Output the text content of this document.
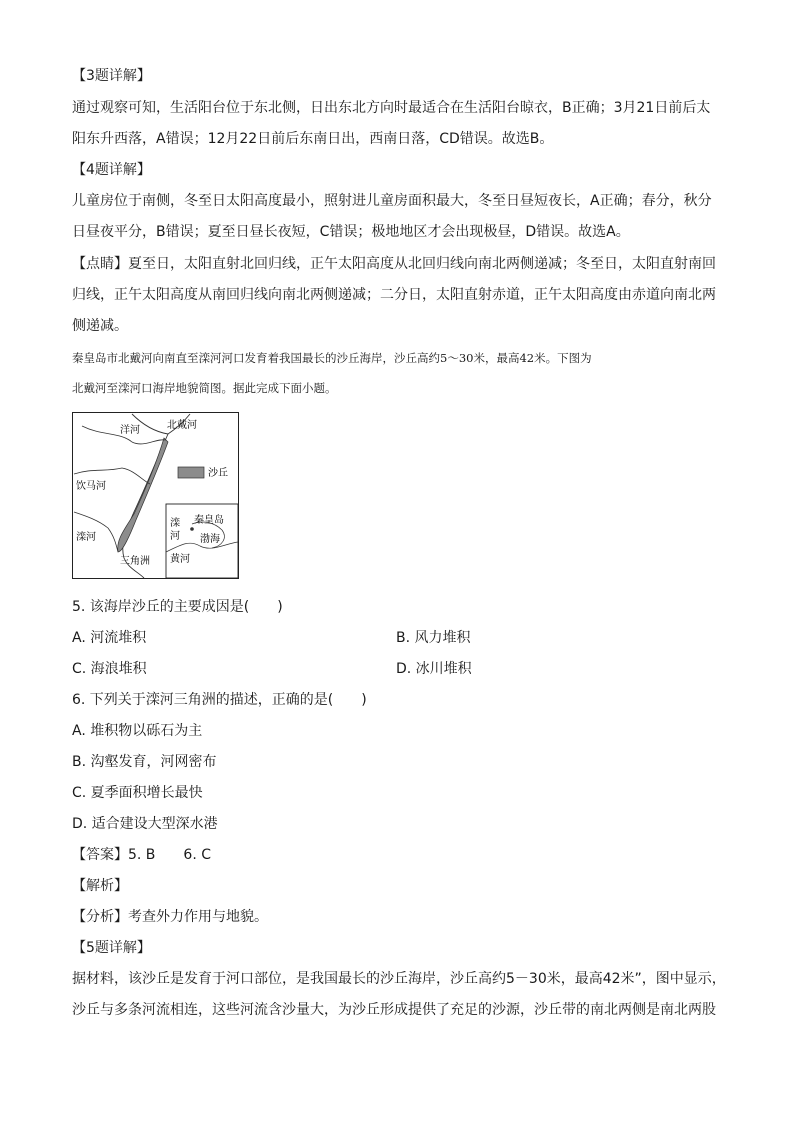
【3题详解】
通过观察可知，生活阳台位于东北侧，日出东北方向时最适合在生活阳台晾衣，B正确；3月21日前后太
阳东升西落，A错误；12月22日前后东南日出，西南日落，CD错误。故选B。
【4题详解】
儿童房位于南侧，冬至日太阳高度最小，照射进儿童房面积最大，冬至日昼短夜长，A正确；春分，秋分
日昼夜平分，B错误；夏至日昼长夜短，C错误；极地地区才会出现极昼，D错误。故选A。
【点睛】夏至日，太阳直射北回归线，正午太阳高度从北回归线向南北两侧递减；冬至日，太阳直射南回
归线，正午太阳高度从南回归线向南北两侧递减；二分日，太阳直射赤道，正午太阳高度由赤道向南北两
侧递减。
秦皇岛市北戴河向南直至滦河河口发育着我国最长的沙丘海岸，沙丘高约5～30米，最高42米。下图为
北戴河至滦河口海岸地貌简图。据此完成下面小题。
沙丘
洋河	北戴河
饮马河
滦河
三角洲
滦
河
秦皇岛
渤海
黄河
5. 该海岸沙丘的主要成因是(　　)
A. 河流堆积	B. 风力堆积
C. 海浪堆积	D. 冰川堆积
6. 下列关于滦河三角洲的描述，正确的是(　　)
A. 堆积物以砾石为主
B. 沟壑发育，河网密布
C. 夏季面积增长最快
D. 适合建设大型深水港
【答案】5. B　　6. C
【解析】
【分析】考查外力作用与地貌。
【5题详解】
据材料，该沙丘是发育于河口部位，是我国最长的沙丘海岸，沙丘高约5－30米，最高42米”，图中显示，
沙丘与多条河流相连，这些河流含沙量大，为沙丘形成提供了充足的沙源，沙丘带的南北两侧是南北两股
